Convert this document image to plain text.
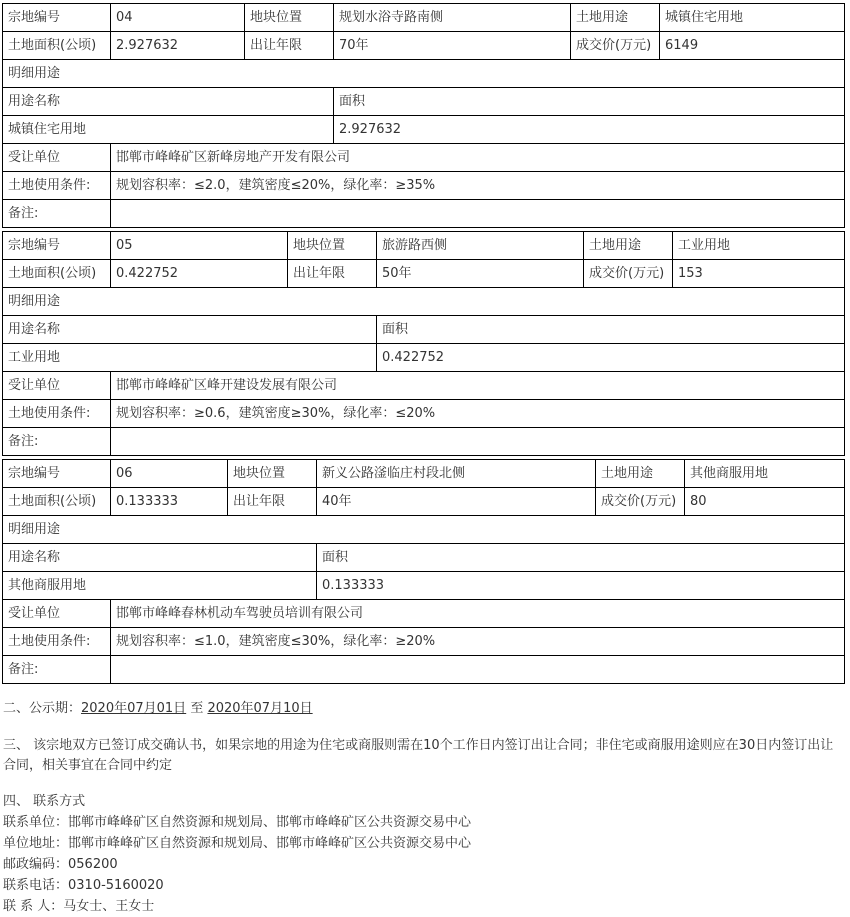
宗地编号	04	地块位置	规划水浴寺路南侧	土地用途	城镇住宅用地
土地面积(公顷)	2.927632	出让年限	70年	成交价(万元)	6149
明细用途					
用途名称			面积		
城镇住宅用地			2.927632		
受让单位	邯郸市峰峰矿区新峰房地产开发有限公司				
土地使用条件:	规划容积率：≤2.0，建筑密度≤20%，绿化率：≥35%				
备注:					
宗地编号	05	地块位置	旅游路西侧	土地用途	工业用地
土地面积(公顷)	0.422752	出让年限	50年	成交价(万元)	153
明细用途					
用途名称			面积		
工业用地			0.422752		
受让单位	邯郸市峰峰矿区峰开建设发展有限公司				
土地使用条件:	规划容积率：≥0.6，建筑密度≥30%，绿化率：≤20%				
备注:					
宗地编号	06	地块位置	新义公路滏临庄村段北侧	土地用途	其他商服用地
土地面积(公顷)	0.133333	出让年限	40年	成交价(万元)	80
明细用途					
用途名称			面积		
其他商服用地			0.133333		
受让单位	邯郸市峰峰春林机动车驾驶员培训有限公司				
土地使用条件:	规划容积率：≤1.0，建筑密度≤30%，绿化率：≥20%				
备注:					

二、公示期：2020年07月01日 至 2020年07月10日

三、 该宗地双方已签订成交确认书，如果宗地的用途为住宅或商服则需在10个工作日内签订出让合同；非住宅或商服用途则应在30日内签订出让合同，相关事宜在合同中约定

四、 联系方式

联系单位：邯郸市峰峰矿区自然资源和规划局、邯郸市峰峰矿区公共资源交易中心

单位地址：邯郸市峰峰矿区自然资源和规划局、邯郸市峰峰矿区公共资源交易中心

邮政编码：056200

联系电话：0310-5160020

联 系 人：马女士、王女士
